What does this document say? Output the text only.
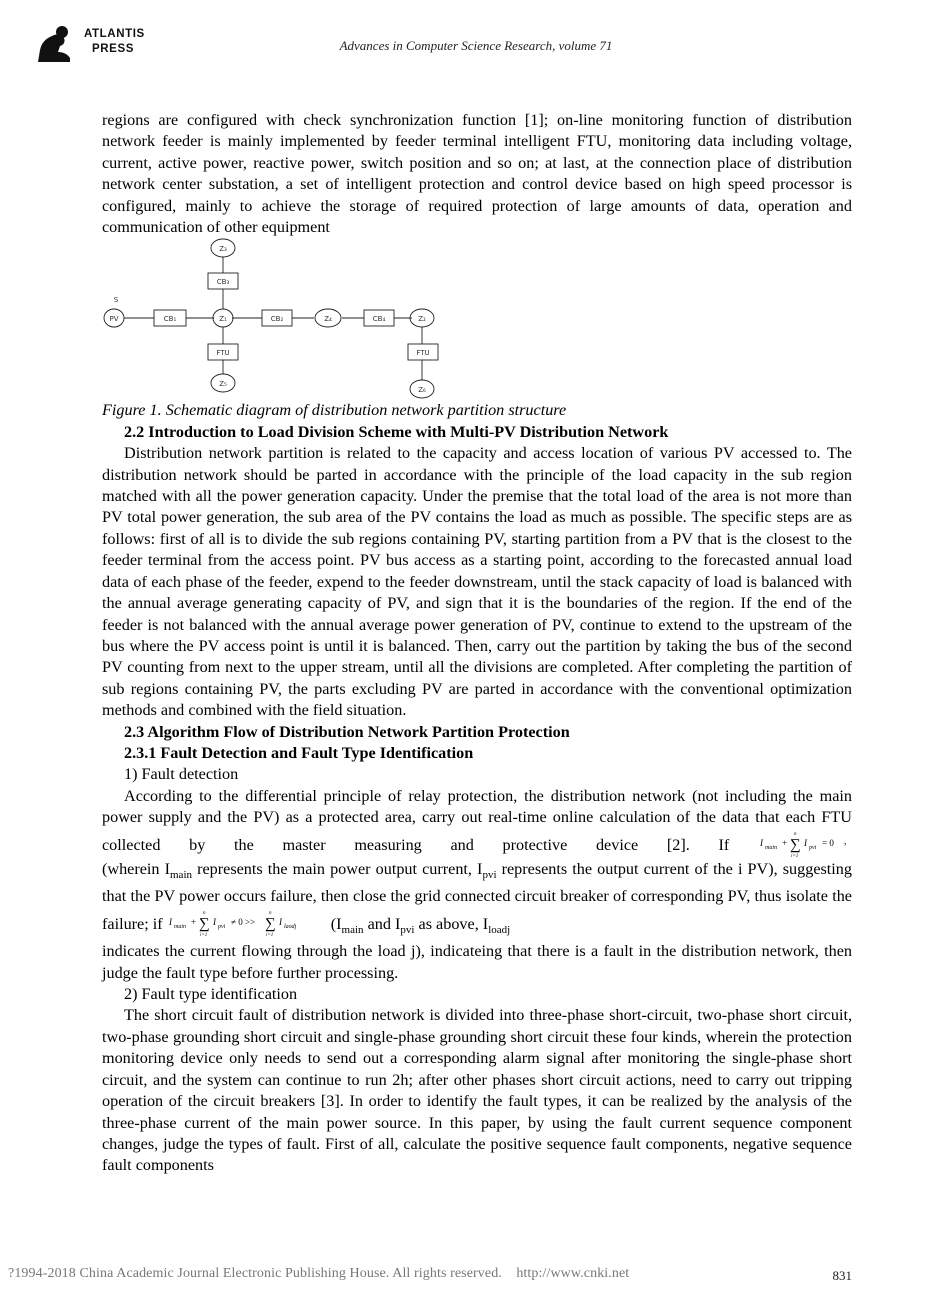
ATLANTIS
PRESS	Advances in Computer Science Research, volume 71

regions are configured with check synchronization function [1]; on-line monitoring function of distribution network feeder is mainly implemented by feeder terminal intelligent FTU, monitoring data including voltage, current, active power, reactive power, switch position and so on; at last, at the connection place of distribution network center substation, a set of intelligent protection and control device based on high speed processor is configured, mainly to achieve the storage of required protection of large amounts of data, operation and communication of other equipment

PV	Z₁	Z₄	Z₂
Z₃
Z₅
Z₆
CB₁	CB₂	CB₄
CB₃
FTU	FTU
S

Figure 1. Schematic diagram of distribution network partition structure

2.2 Introduction to Load Division Scheme with Multi-PV Distribution Network

Distribution network partition is related to the capacity and access location of various PV accessed to. The distribution network should be parted in accordance with the principle of the load capacity in the sub region matched with all the power generation capacity. Under the premise that the total load of the area is not more than PV total power generation, the sub area of the PV contains the load as much as possible. The specific steps are as follows: first of all is to divide the sub regions containing PV, starting partition from a PV that is the closest to the feeder terminal from the access point. PV bus access as a starting point, according to the forecasted annual load data of each phase of the feeder, expend to the feeder downstream, until the stack capacity of load is balanced with the annual average generating capacity of PV, and sign that it is the boundaries of the region. If the end of the feeder is not balanced with the annual average power generation of PV, continue to extend to the upstream of the bus where the PV access point is until it is balanced. Then, carry out the partition by taking the bus of the second PV counting from next to the upper stream, until all the divisions are completed. After completing the partition of sub regions containing PV, the parts excluding PV are parted in accordance with the conventional optimization methods and combined with the field situation.

2.3 Algorithm Flow of Distribution Network Partition Protection

2.3.1 Fault Detection and Fault Type Identification

1) Fault detection

According to the differential principle of relay protection, the distribution network (not including the main power supply and the PV) as a protected area, carry out real-time online calculation of the data that each FTU collected by the master measuring and protective device [2]. If	I main + ∑
n
i=1
I pvi = 0 ,

(wherein $I_{main}$ represents the main power output current, $I_{pvi}$ represents the output current of the i PV), suggesting that the PV power occurs failure, then close the grid connected circuit breaker of corresponding PV, thus isolate the failure; if I main + ∑
n
i=1
I pvi ≠ 0 >> ∑
n
i=1
I laodj ($I_{main}$ and $I_{pvi}$ as above, $I_{loadj}$

indicates the current flowing through the load j), indicateing that there is a fault in the distribution network, then judge the fault type before further processing.

2) Fault type identification

The short circuit fault of distribution network is divided into three-phase short-circuit, two-phase short circuit, two-phase grounding short circuit and single-phase grounding short circuit these four kinds, wherein the protection monitoring device only needs to send out a corresponding alarm signal after monitoring the single-phase short circuit, and the system can continue to run 2h; after other phases short circuit actions, need to carry out tripping operation of the circuit breakers [3]. In order to identify the fault types, it can be realized by the analysis of the three-phase current of the main power source. In this paper, by using the fault current sequence component changes, judge the types of fault. First of all, calculate the positive sequence fault components, negative sequence fault components

?1994-2018 China Academic Journal Electronic Publishing House. All rights reserved.    http://www.cnki.net	831
